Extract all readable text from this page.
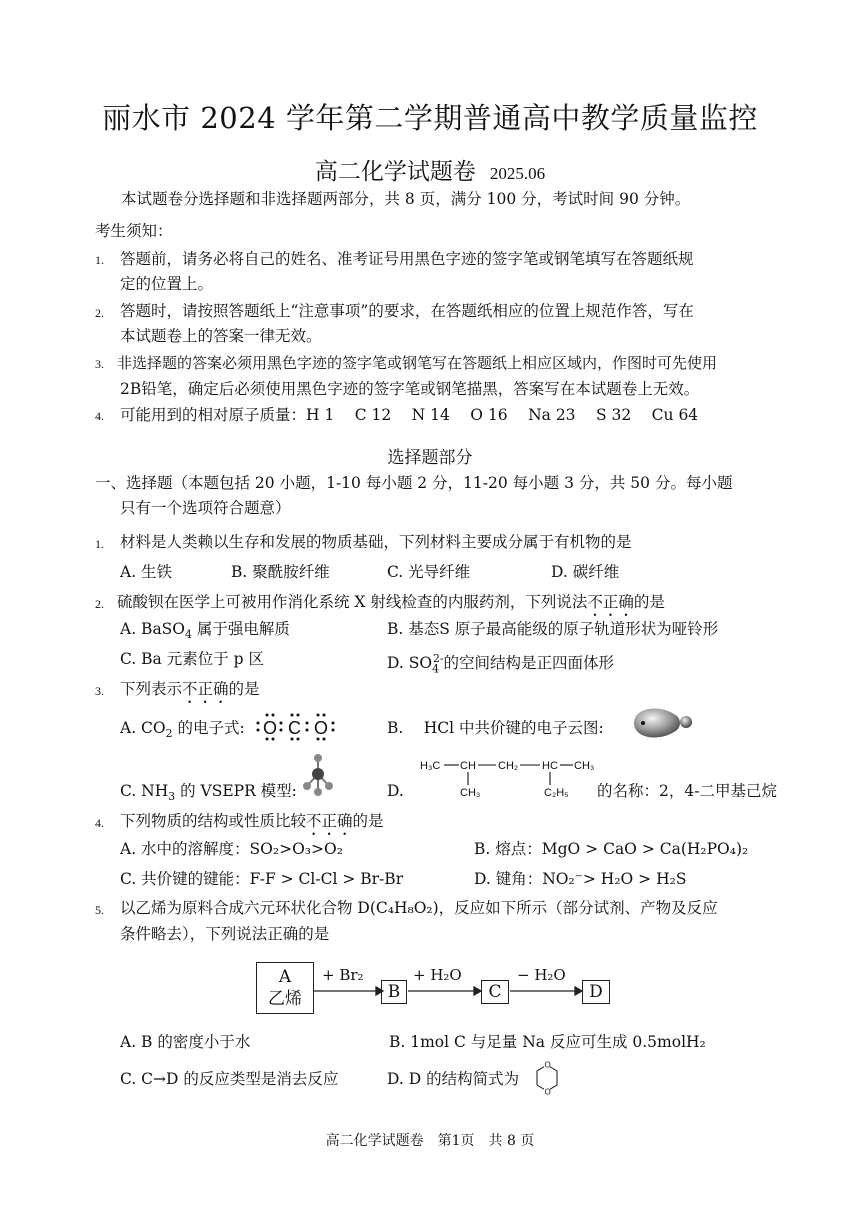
丽水市 2024 学年第二学期普通高中教学质量监控
高二化学试题卷 2025.06
本试题卷分选择题和非选择题两部分，共 8 页，满分 100 分，考试时间 90 分钟。
考生须知：
1. 答题前，请务必将自己的姓名、准考证号用黑色字迹的签字笔或钢笔填写在答题纸规
定的位置上。
2. 答题时，请按照答题纸上“注意事项”的要求，在答题纸相应的位置上规范作答，写在
本试题卷上的答案一律无效。
3. 非选择题的答案必须用黑色字迹的签字笔或钢笔写在答题纸上相应区域内，作图时可先使用
2B铅笔，确定后必须使用黑色字迹的签字笔或钢笔描黑，答案写在本试题卷上无效。
4. 可能用到的相对原子质量：H 1　 C 12　 N 14　 O 16　 Na 23　 S 32　 Cu 64
选择题部分
一、选择题（本题包括 20 小题，1-10 每小题 2 分，11-20 每小题 3 分，共 50 分。每小题
只有一个选项符合题意）
1. 材料是人类赖以生存和发展的物质基础，下列材料主要成分属于有机物的是
A. 生铁	B. 聚酰胺纤维	C. 光导纤维	D. 碳纤维
2. 硫酸钡在医学上可被用作消化系统 X 射线检查的内服药剂，下列说法不正确的是
A. BaSO$_4$ 属于强电解质	B. 基态S 原子最高能级的原子轨道形状为哑铃形
C. Ba 元素位于 p 区	D. $SO_4^{2-}$的空间结构是正四面体形
3. 下列表示不正确的是
A. $CO_2$ 的电子式: O C O	B.　 HCl 中共价键的电子云图:
C. $NH_3$ 的 VSEPR 模型:	D.
H₃C CH CH₂ HC CH₃
CH₃	C₂H₅ 的名称：2，4-二甲基己烷
4. 下列物质的结构或性质比较不正确的是
A. 水中的溶解度：SO₂>O₃>O₂	B. 熔点：MgO > CaO > Ca(H₂PO₄)₂
C. 共价键的键能：F-F > Cl-Cl > Br-Br	D. 键角：NO₂⁻> H₂O > H₂S
5. 以乙烯为原料合成六元环状化合物 D(C₄H₈O₂)，反应如下所示（部分试剂、产物及反应
条件略去），下列说法正确的是
A
乙烯	B	C	D
+ Br₂	+ H₂O	− H₂O
A. B 的密度小于水	B. 1mol C 与足量 Na 反应可生成 0.5molH₂
C. C→D 的反应类型是消去反应	D. D 的结构简式为
O
O
高二化学试题卷　第1页　共 8 页
